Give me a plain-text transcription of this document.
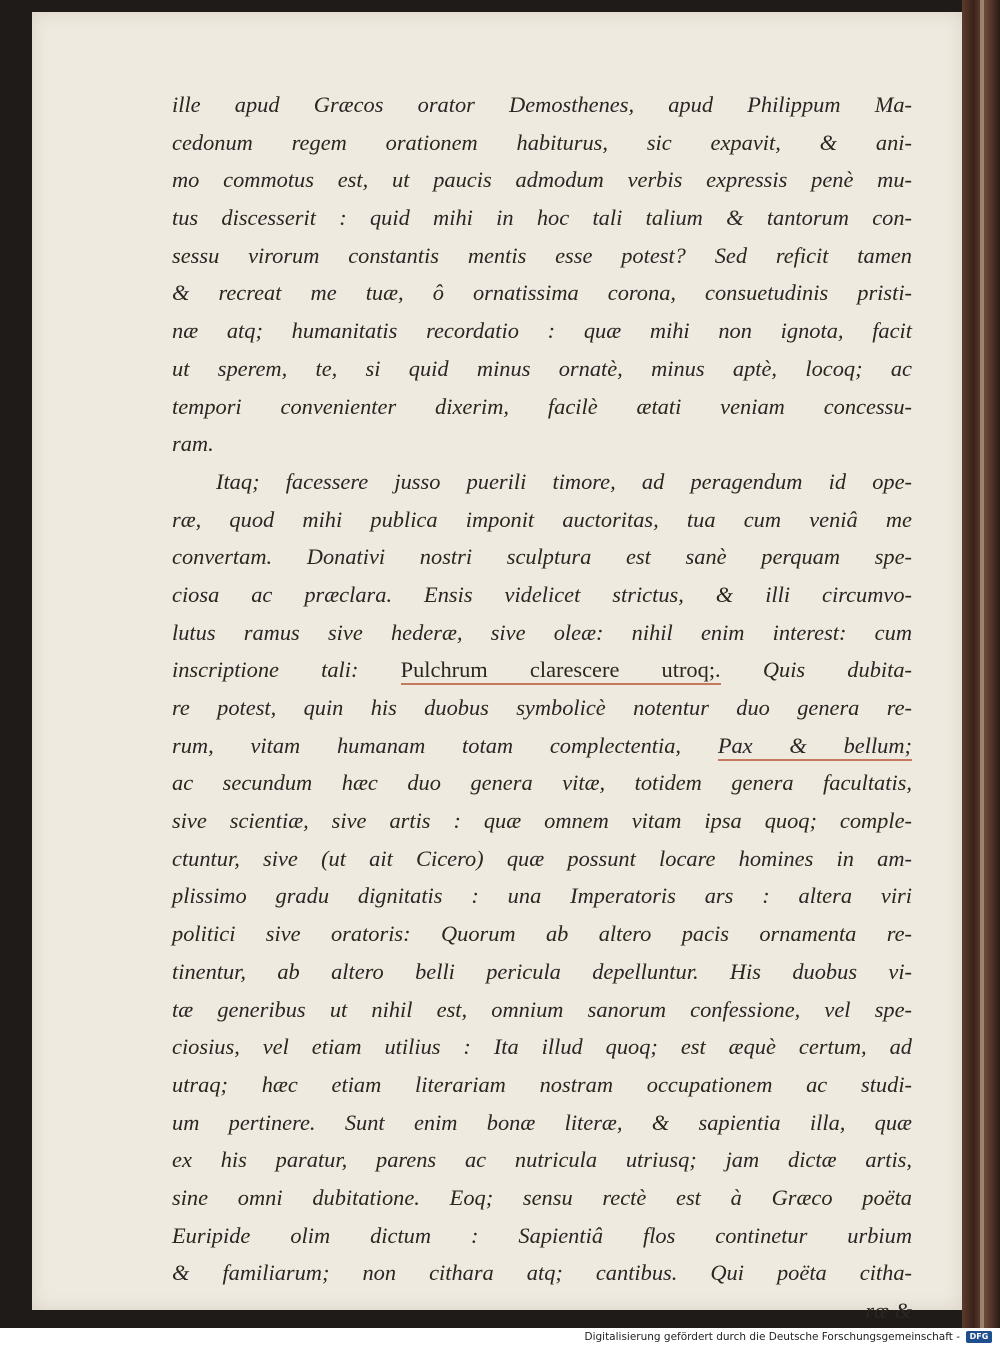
ille apud Græcos orator Demosthenes, apud Philippum Ma-
cedonum regem orationem habiturus, sic expavit, & ani-
mo commotus est, ut paucis admodum verbis expressis penè mu-
tus discesserit : quid mihi in hoc tali talium & tantorum con-
sessu virorum constantis mentis esse potest? Sed reficit tamen
& recreat me tuæ, ô ornatissima corona, consuetudinis pristi-
næ atq; humanitatis recordatio : quæ mihi non ignota, facit
ut sperem, te, si quid minus ornatè, minus aptè, locoq; ac
tempori convenienter dixerim, facilè ætati veniam concessu-
ram.
Itaq; facessere jusso puerili timore, ad peragendum id ope-
ræ, quod mihi publica imponit auctoritas, tua cum veniâ me
convertam. Donativi nostri sculptura est sanè perquam spe-
ciosa ac præclara. Ensis videlicet strictus, & illi circumvo-
lutus ramus sive hederæ, sive oleæ: nihil enim interest: cum
inscriptione tali: Pulchrum clarescere utroq;. Quis dubita-
re potest, quin his duobus symbolicè notentur duo genera re-
rum, vitam humanam totam complectentia, Pax & bellum;
ac secundum hæc duo genera vitæ, totidem genera facultatis,
sive scientiæ, sive artis : quæ omnem vitam ipsa quoq; comple-
ctuntur, sive (ut ait Cicero) quæ possunt locare homines in am-
plissimo gradu dignitatis : una Imperatoris ars : altera viri
politici sive oratoris: Quorum ab altero pacis ornamenta re-
tinentur, ab altero belli pericula depelluntur. His duobus vi-
tæ generibus ut nihil est, omnium sanorum confessione, vel spe-
ciosius, vel etiam utilius : Ita illud quoq; est æquè certum, ad
utraq; hæc etiam literariam nostram occupationem ac studi-
um pertinere. Sunt enim bonæ literæ, & sapientia illa, quæ
ex his paratur, parens ac nutricula utriusq; jam dictæ artis,
sine omni dubitatione. Eoq; sensu rectè est à Græco poëta
Euripide olim dictum : Sapientiâ flos continetur urbium
& familiarum; non cithara atq; cantibus. Qui poëta citha-
ræ &
Digitalisierung gefördert durch die Deutsche Forschungsgemeinschaft -	DFG
